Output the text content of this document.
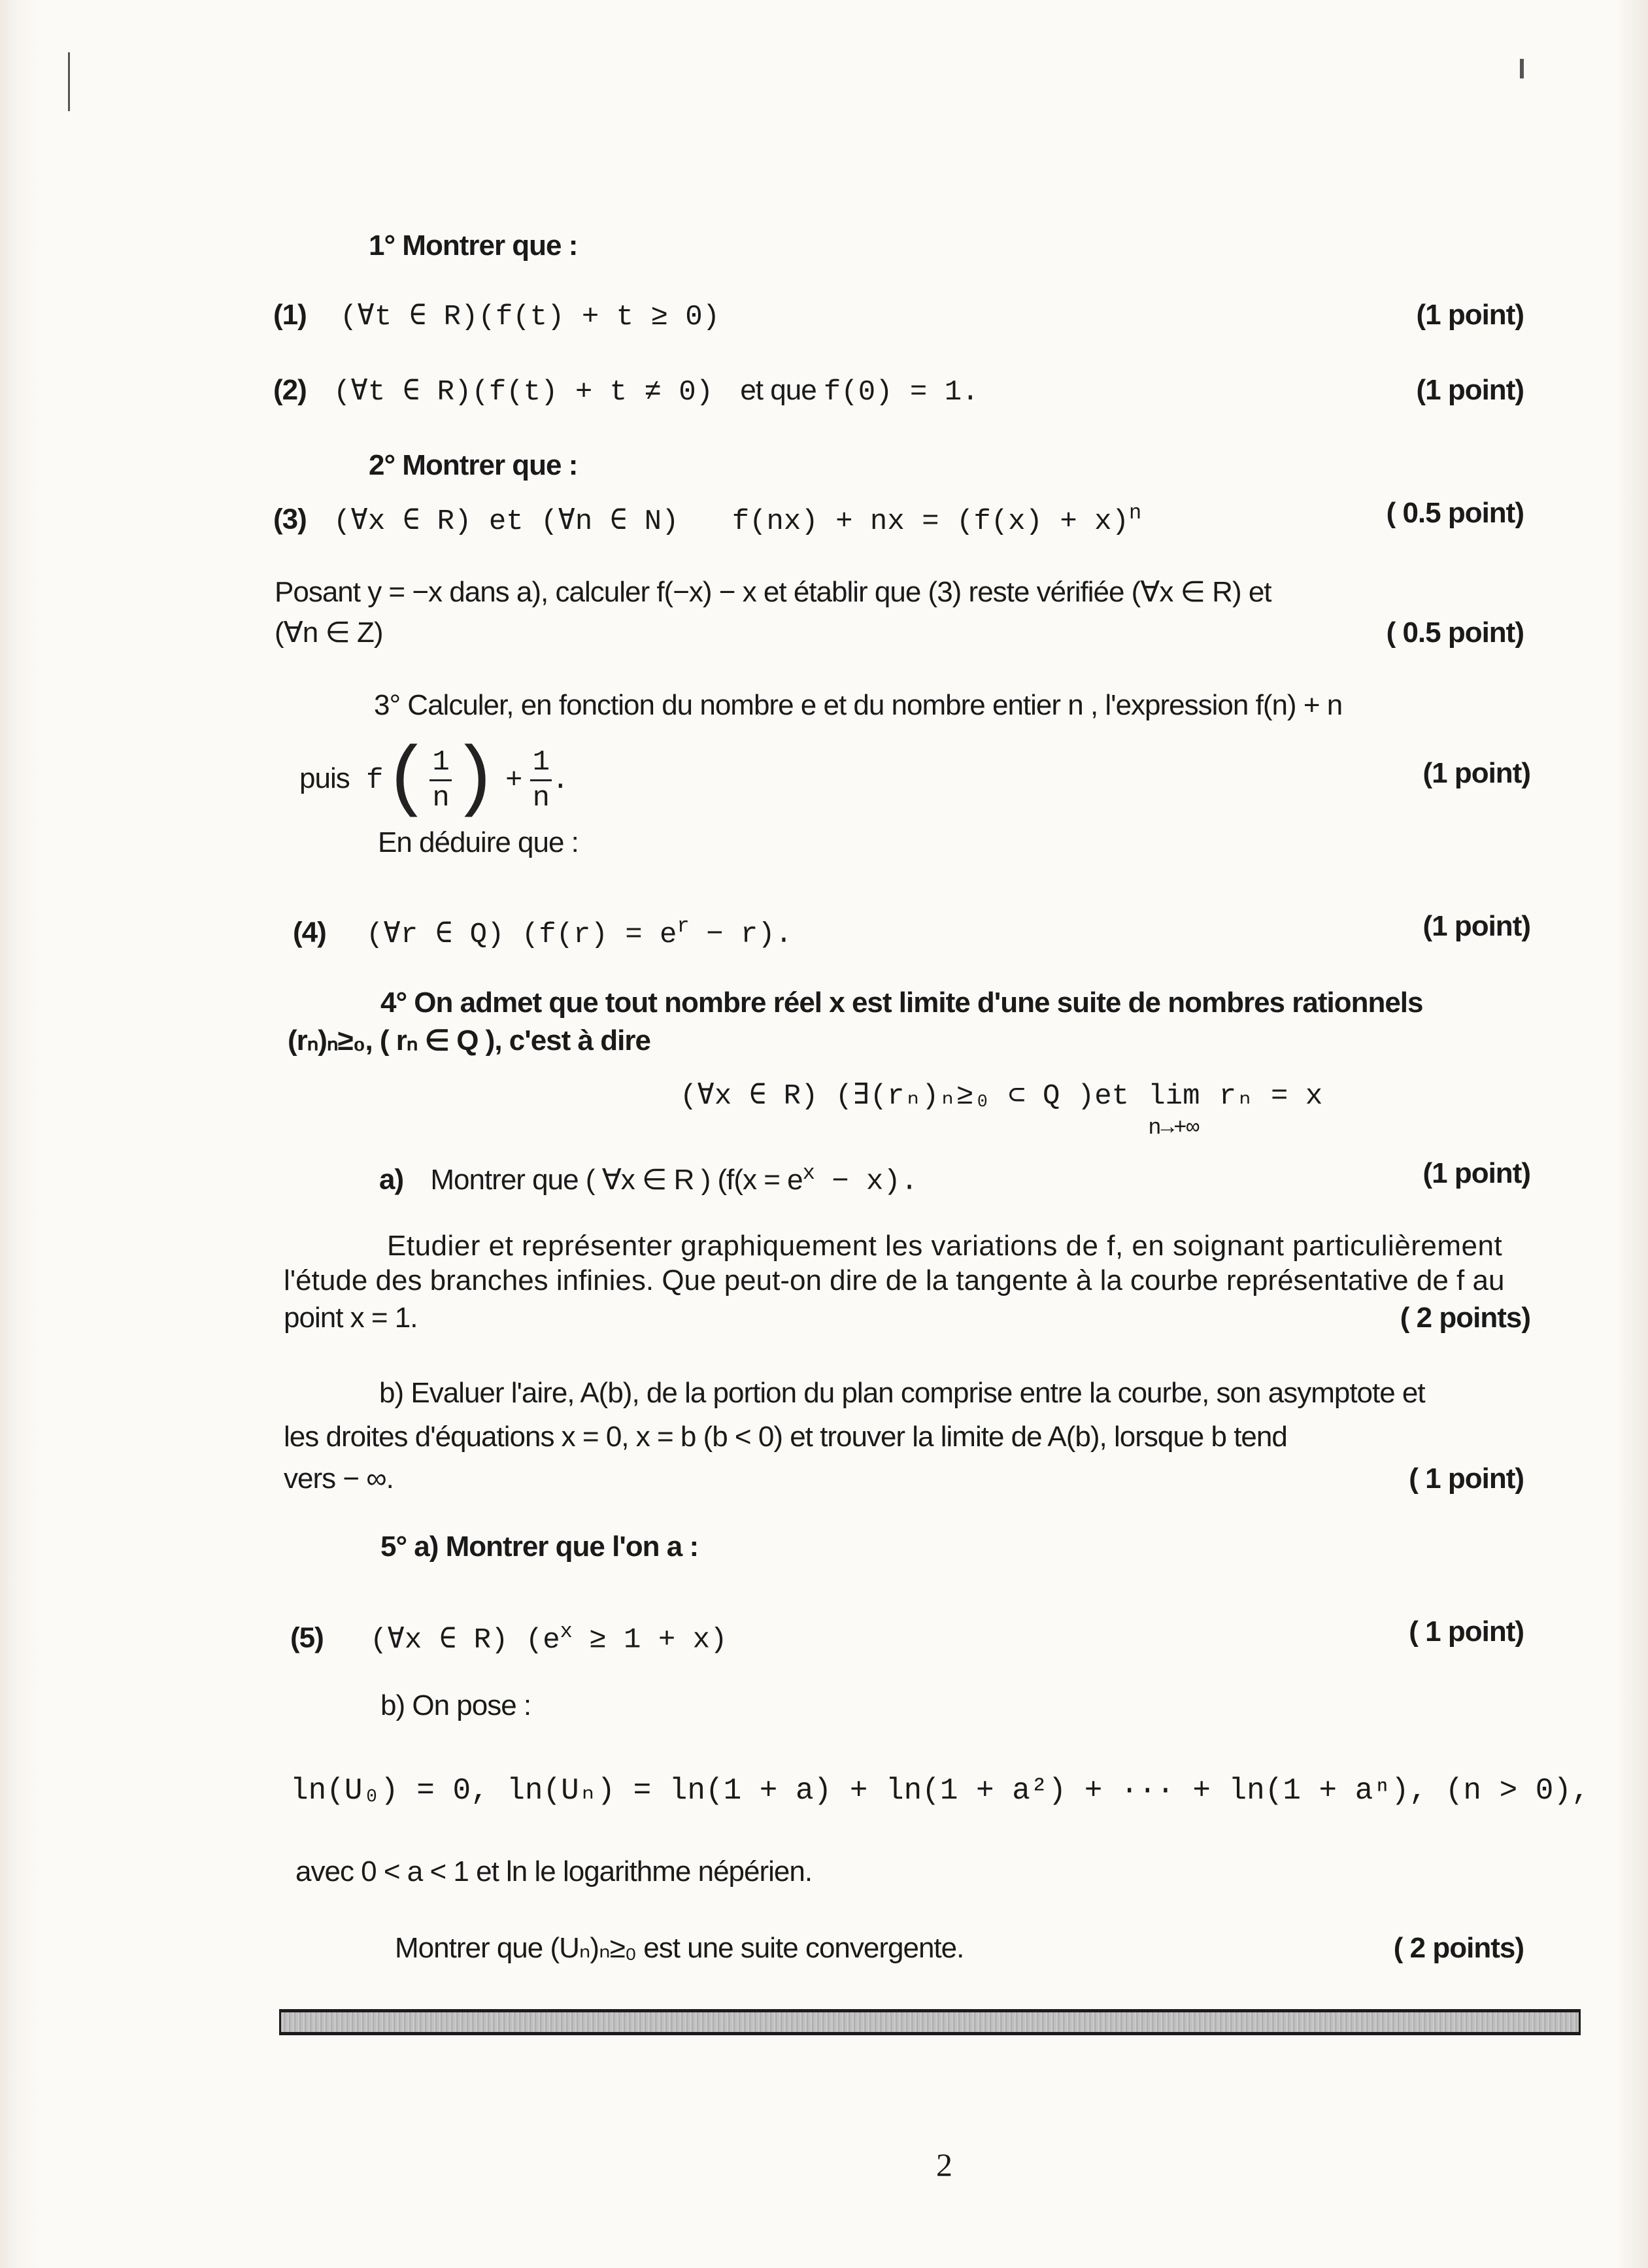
1° Montrer que :
(1) (∀t ∈ R)(f(t) + t ≥ 0)	(1 point)
(2) (∀t ∈ R)(f(t) + t ≠ 0) et que f(0) = 1.	(1 point)
2° Montrer que :
(3) (∀x ∈ R) et (∀n ∈ N) f(nx) + nx = $(f(x) + x)^n$	( 0.5 point)
Posant y = −x dans a), calculer f(−x) − x et établir que (3) reste vérifiée (∀x ∈ R) et
(∀n ∈ Z)	( 0.5 point)
3° Calculer, en fonction du nombre e et du nombre entier n , l'expression f(n) + n
puis $f( \frac{1}{n}$ ) + $\frac{1}{n}$ .	(1 point)
En déduire que :
(4) (∀r ∈ Q) $(f(r) = e^r - r)$.	(1 point)
4° On admet que tout nombre réel x est limite d'une suite de nombres rationnels
(rₙ)ₙ≥₀, ( rₙ ∈ Q ), c'est à dire
(∀x ∈ R) (∃(rₙ)ₙ≥₀ ⊂ Q )et lim
n→+∞
rₙ = x
a) Montrer que ( ∀x ∈ R ) ($f(x = e^x - x)$.	(1 point)
Etudier et représenter graphiquement les variations de f, en soignant particulièrement
l'étude des branches infinies. Que peut-on dire de la tangente à la courbe représentative de f au
point x = 1.	( 2 points)
b) Evaluer l'aire, A(b), de la portion du plan comprise entre la courbe, son asymptote et
les droites d'équations x = 0, x = b (b < 0) et trouver la limite de A(b), lorsque b tend
vers − ∞.	( 1 point)
5° a) Montrer que l'on a :
(5) (∀x ∈ R) $(e^x \ge 1 + x)$	( 1 point)
b) On pose :
ln(U₀) = 0, ln(Uₙ) = ln(1 + a) + ln(1 + a²) + ··· + ln(1 + aⁿ), (n > 0),
avec 0 < a < 1 et ln le logarithme népérien.
Montrer que (Uₙ)ₙ≥₀ est une suite convergente.	( 2 points)
2
